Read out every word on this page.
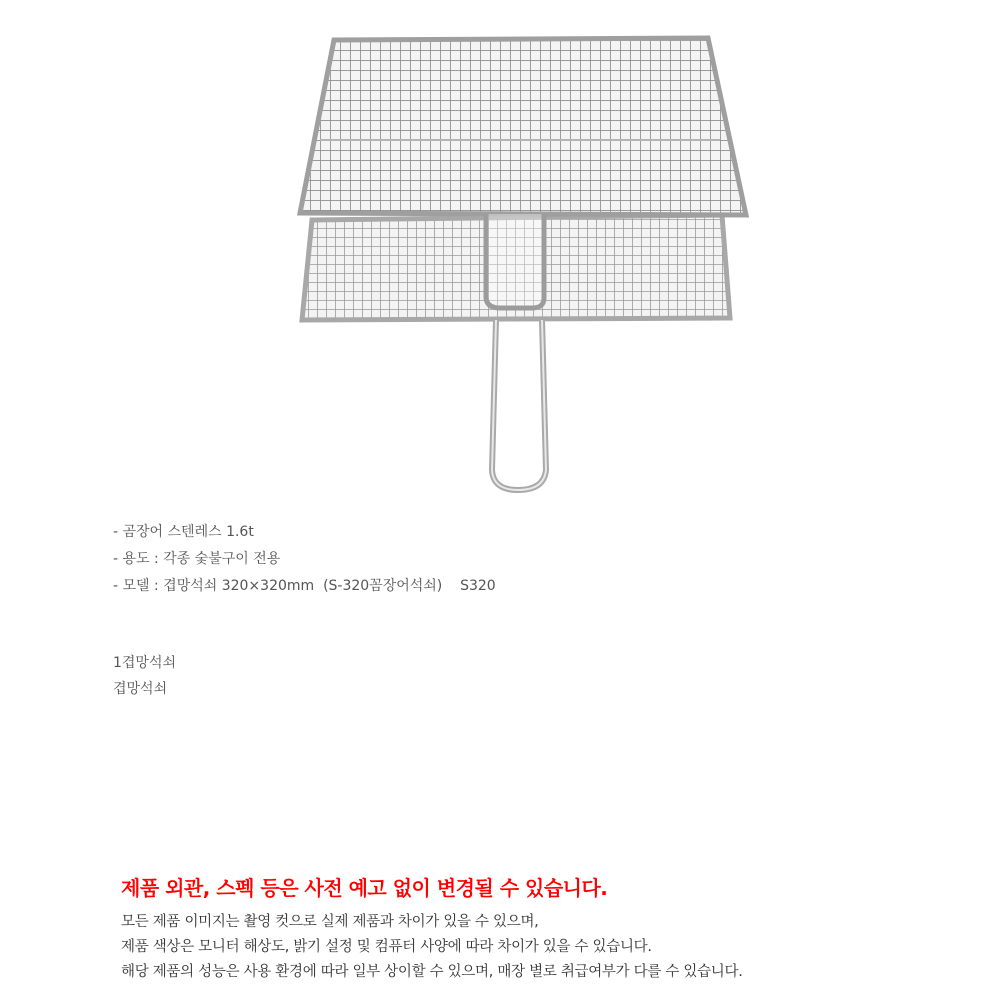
- 곰장어 스텐레스 1.6t
- 용도 : 각종 숯불구이 전용
- 모델 : 겹망석쇠 320×320mm  (S-320꼼장어석쇠)    S320
1겹망석쇠
겹망석쇠
제품 외관, 스펙 등은 사전 예고 없이 변경될 수 있습니다.
모든 제품 이미지는 촬영 컷으로 실제 제품과 차이가 있을 수 있으며,
제품 색상은 모니터 해상도, 밝기 설정 및 컴퓨터 사양에 따라 차이가 있을 수 있습니다.
해당 제품의 성능은 사용 환경에 따라 일부 상이할 수 있으며, 매장 별로 취급여부가 다를 수 있습니다.
